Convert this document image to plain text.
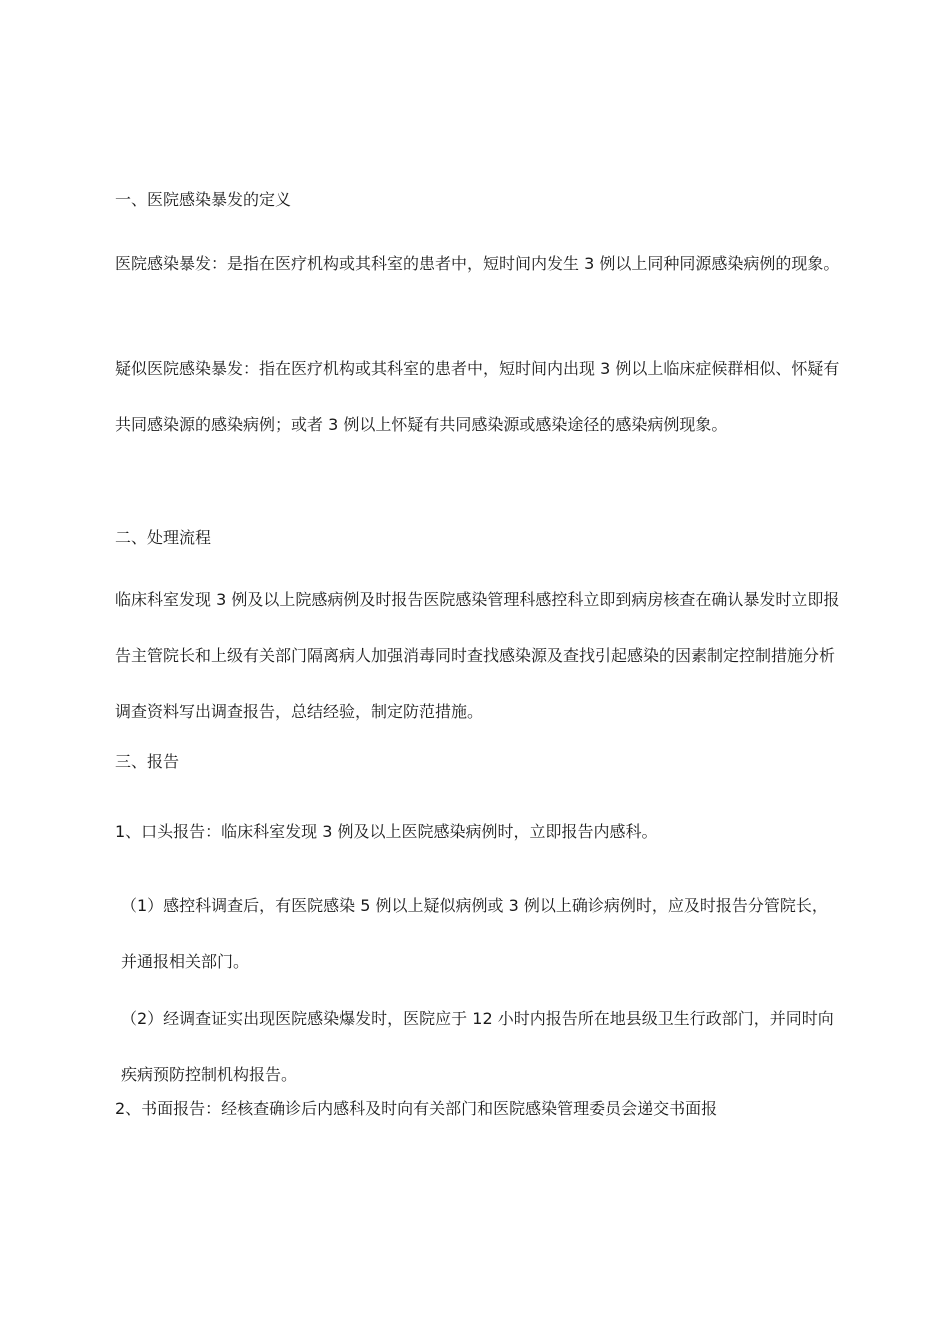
一、医院感染暴发的定义

医院感染暴发：是指在医疗机构或其科室的患者中，短时间内发生 3 例以上同种同源感染病例的现象。

疑似医院感染暴发：指在医疗机构或其科室的患者中，短时间内出现 3 例以上临床症候群相似、怀疑有共同感染源的感染病例；或者 3 例以上怀疑有共同感染源或感染途径的感染病例现象。

二、处理流程

临床科室发现 3 例及以上院感病例及时报告医院感染管理科感控科立即到病房核查在确认暴发时立即报告主管院长和上级有关部门隔离病人加强消毒同时查找感染源及查找引起感染的因素制定控制措施分析调查资料写出调查报告，总结经验，制定防范措施。

三、报告

1、口头报告：临床科室发现 3 例及以上医院感染病例时，立即报告内感科。

（1）感控科调查后，有医院感染 5 例以上疑似病例或 3 例以上确诊病例时，应及时报告分管院长，并通报相关部门。

（2）经调查证实出现医院感染爆发时，医院应于 12 小时内报告所在地县级卫生行政部门，并同时向疾病预防控制机构报告。

2、书面报告：经核查确诊后内感科及时向有关部门和医院感染管理委员会递交书面报
